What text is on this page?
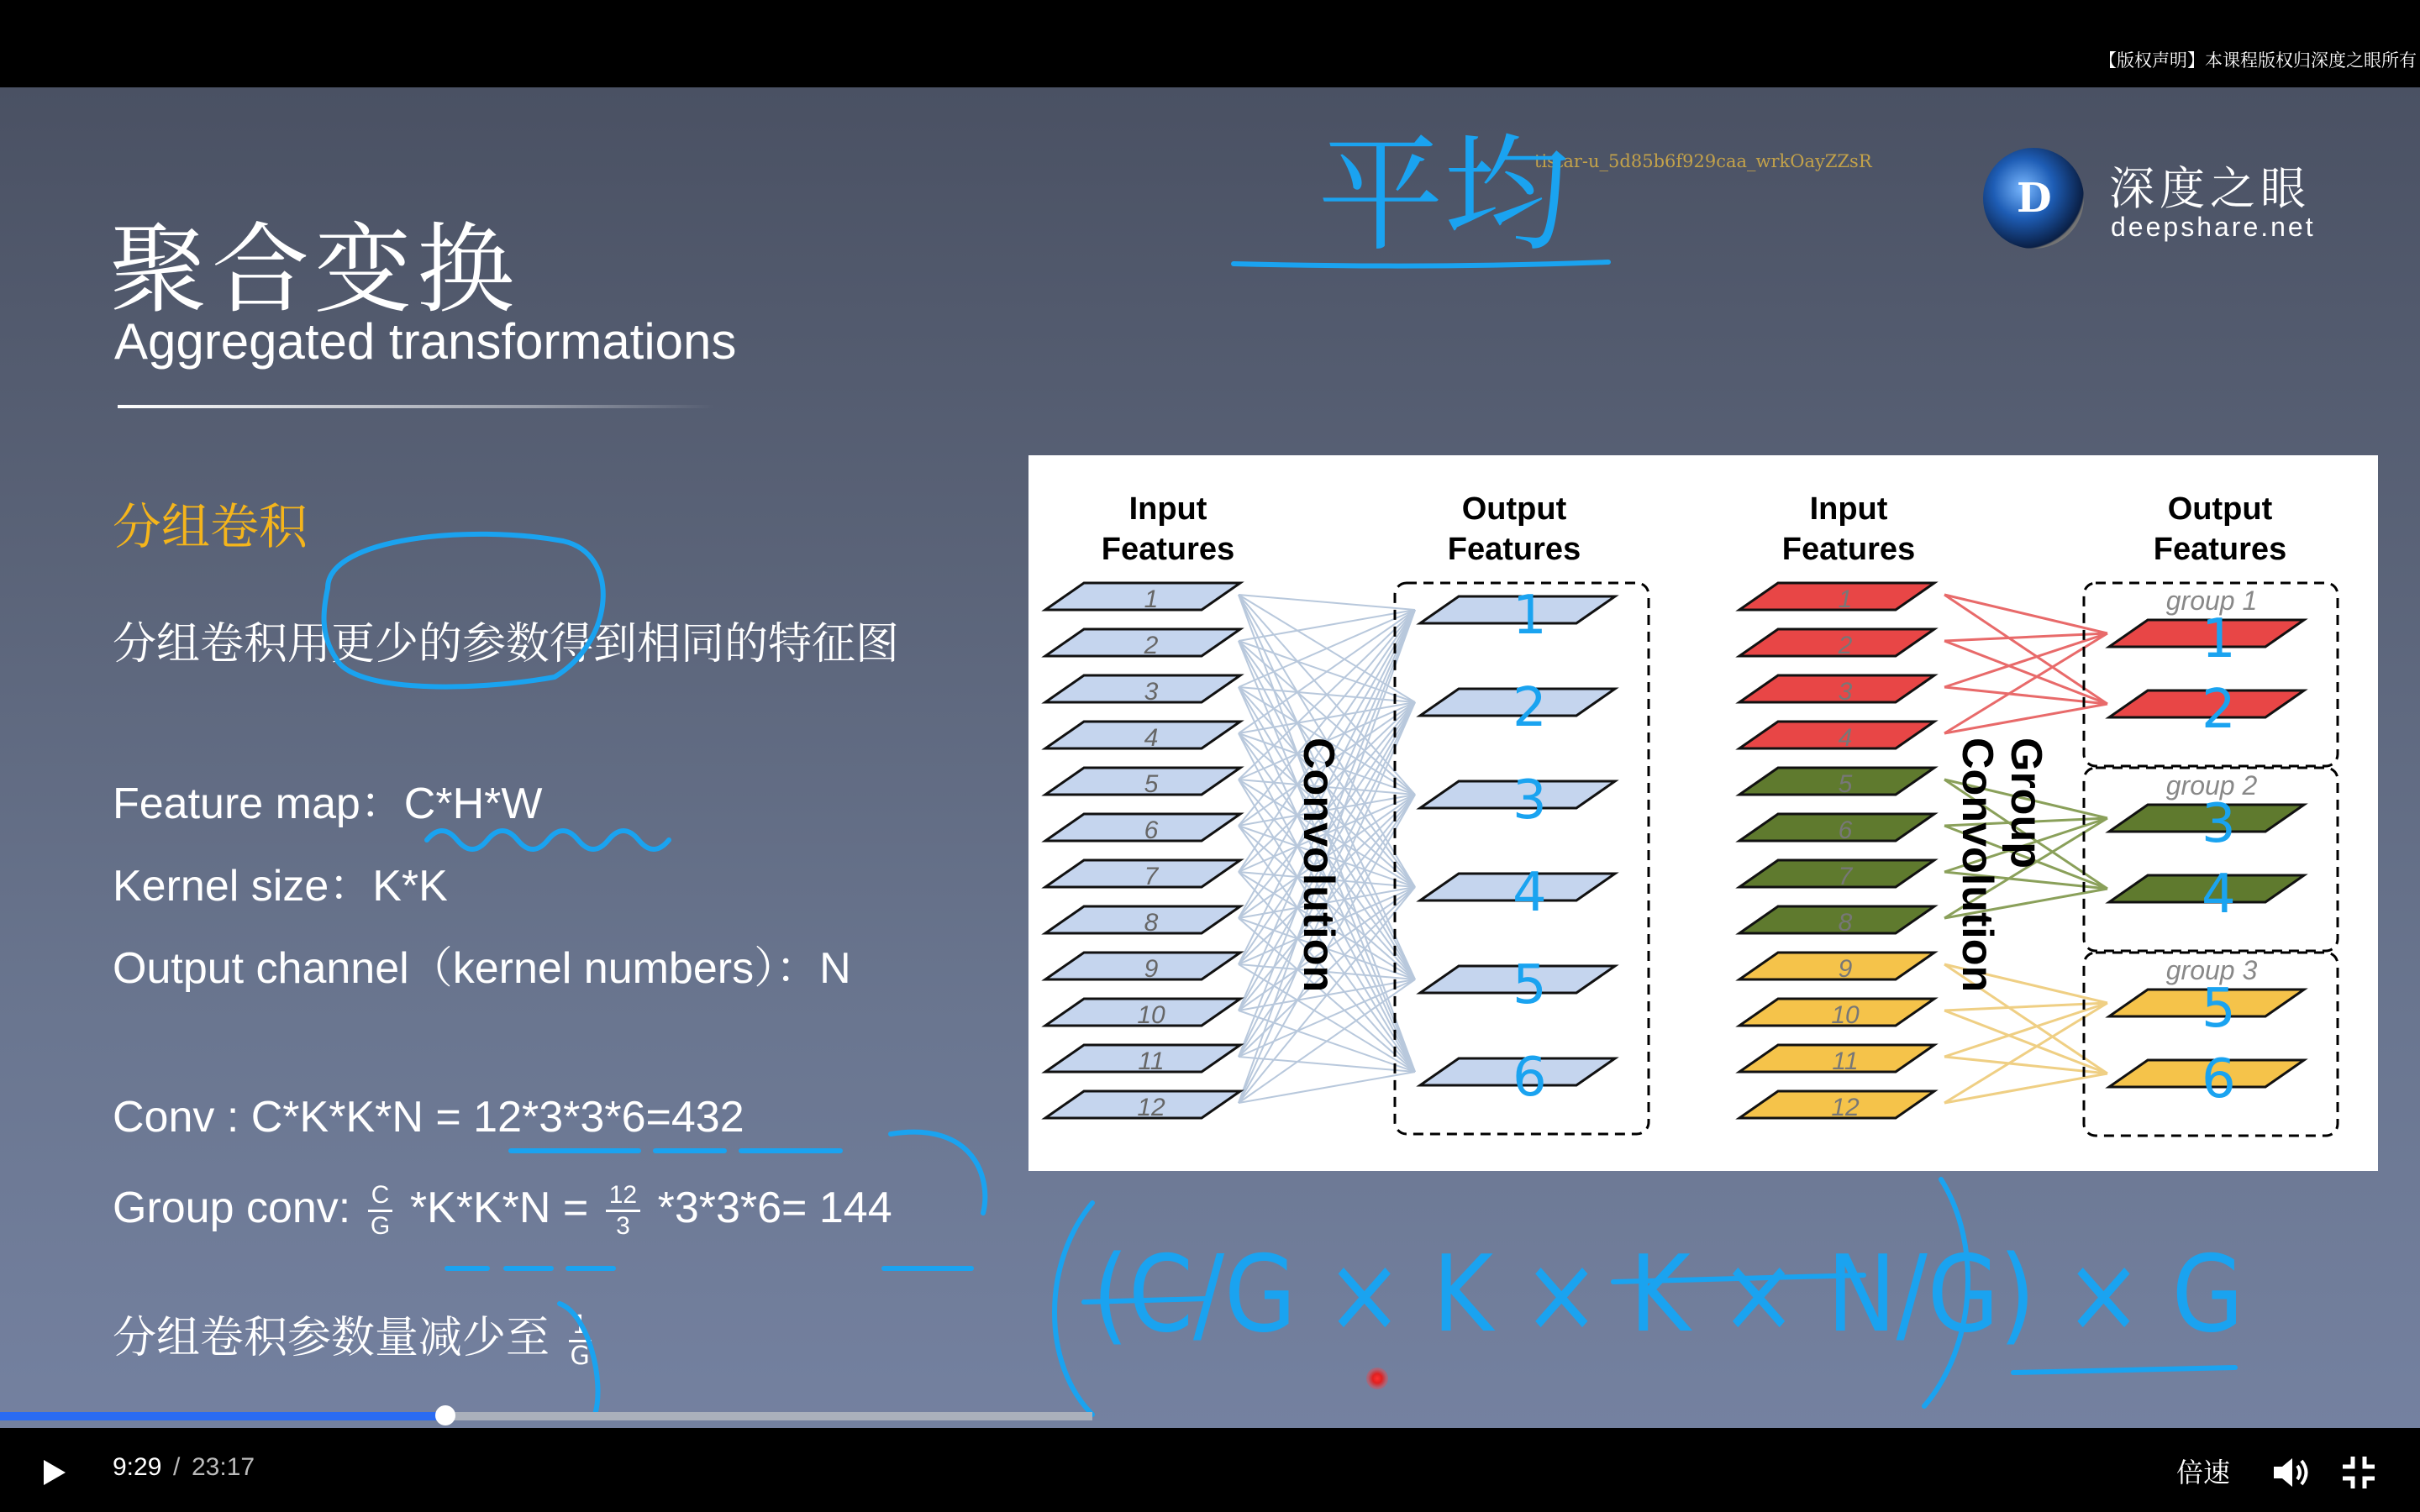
【版权声明】本课程版权归深度之眼所有
聚合变换
Aggregated transformations
D 深度之眼
deepshare.net
tistar-u_5d85b6f929caa_wrkOayZZsR
分组卷积
分组卷积用更少的参数得到相同的特征图
Feature map：C*H*W
Kernel size：K*K
Output channel（kernel numbers）：N
Conv : C*K*K*N = 12*3*3*6=432
Group conv: $\frac{C}{G} *K*K*N = \frac{12}{3} *3*3*6= 144$
分组卷积参数量减少至 $\frac{1}{G}$
Input
Features
Output
Features
Input
Features
Output
Features
1
2
3
4
5
6
7
8
9
10
11
12
1
2
3
4
5
6
7
8
9
10
11
12
group 1
group 2
group 3
Convolution	Group
Convolution
平均
1	1
2	2
3	3
4	4
5	5
6	6
(C/G × K × K × N/G) × G
9:29 / 23:17	倍速
